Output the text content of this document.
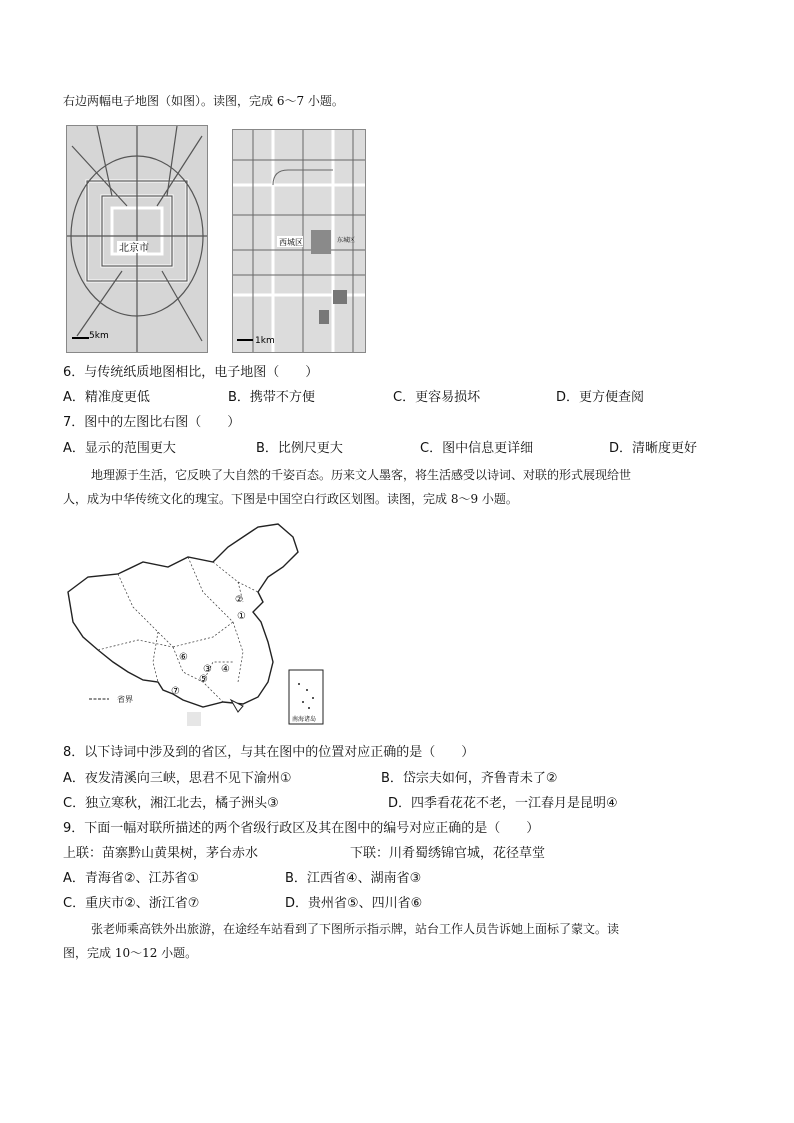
右边两幅电子地图（如图）。读图，完成 6～7 小题。
北京市
5km
西城区	东城区
1km
6．与传统纸质地图相比，电子地图（　　）
A．精准度更低	B．携带不方便	C．更容易损坏	D．更方便查阅
7．图中的左图比右图（　　）
A．显示的范围更大	B．比例尺更大	C．图中信息更详细	D．清晰度更好
地理源于生活，它反映了大自然的千姿百态。历来文人墨客，将生活感受以诗词、对联的形式展现给世
人，成为中华传统文化的瑰宝。下图是中国空白行政区划图。读图，完成 8～9 小题。
①
②
③ ④
⑤
⑥
⑦
省界
南海诸岛
8．以下诗词中涉及到的省区，与其在图中的位置对应正确的是（　　）
A．夜发清溪向三峡，思君不见下渝州①	B．岱宗夫如何，齐鲁青未了②
C．独立寒秋，湘江北去，橘子洲头③	D．四季看花花不老，一江春月是昆明④
9．下面一幅对联所描述的两个省级行政区及其在图中的编号对应正确的是（　　）
上联：苗寨黔山黄果树，茅台赤水	下联：川肴蜀绣锦官城，花径草堂
A．青海省②、江苏省①	B．江西省④、湖南省③
C．重庆市②、浙江省⑦	D．贵州省⑤、四川省⑥
张老师乘高铁外出旅游，在途经车站看到了下图所示指示牌，站台工作人员告诉她上面标了蒙文。读
图，完成 10～12 小题。
